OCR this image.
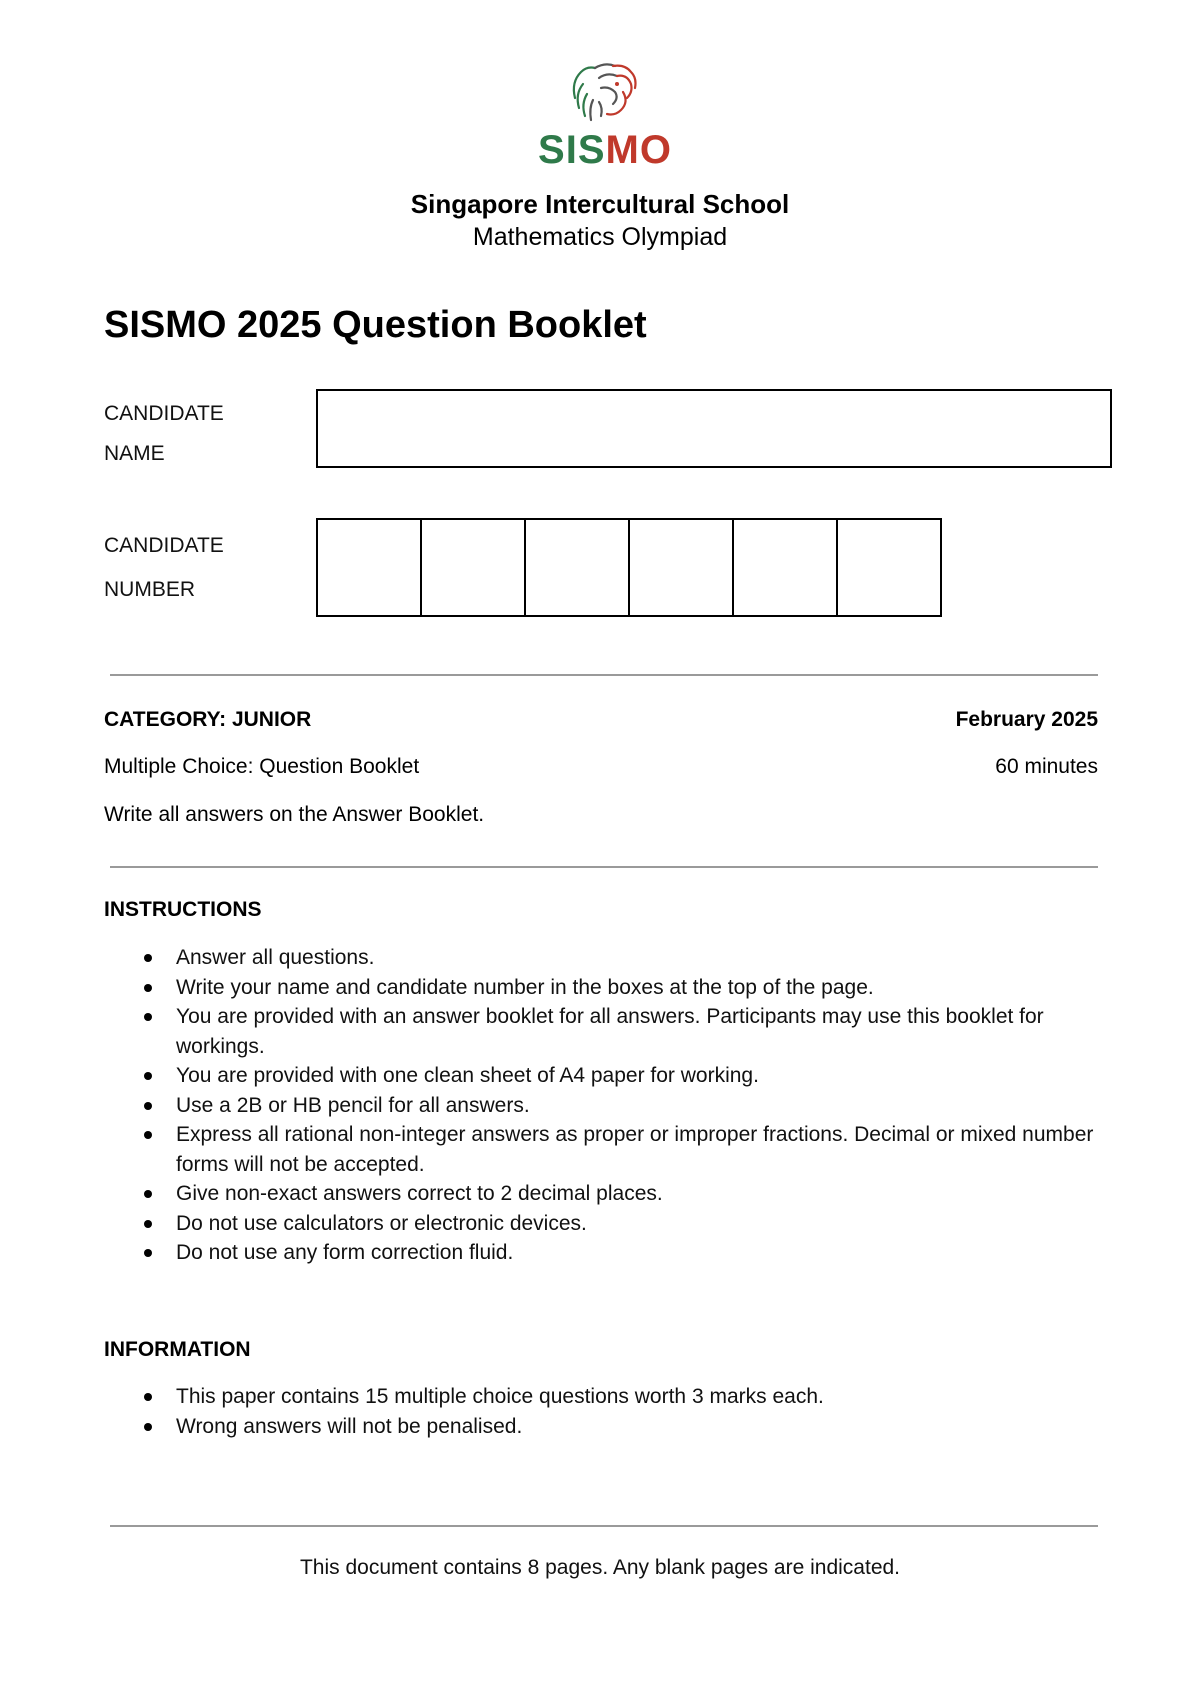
SISMO
Singapore Intercultural School
Mathematics Olympiad
SISMO 2025 Question Booklet
CANDIDATE
NAME
CANDIDATE
NUMBER
CATEGORY: JUNIOR	February 2025
Multiple Choice: Question Booklet	60 minutes
Write all answers on the Answer Booklet.
INSTRUCTIONS
Answer all questions.
Write your name and candidate number in the boxes at the top of the page.
You are provided with an answer booklet for all answers. Participants may use this booklet for workings.
You are provided with one clean sheet of A4 paper for working.
Use a 2B or HB pencil for all answers.
Express all rational non-integer answers as proper or improper fractions. Decimal or mixed number forms will not be accepted.
Give non-exact answers correct to 2 decimal places.
Do not use calculators or electronic devices.
Do not use any form correction fluid.
INFORMATION
This paper contains 15 multiple choice questions worth 3 marks each.
Wrong answers will not be penalised.
This document contains 8 pages. Any blank pages are indicated.
